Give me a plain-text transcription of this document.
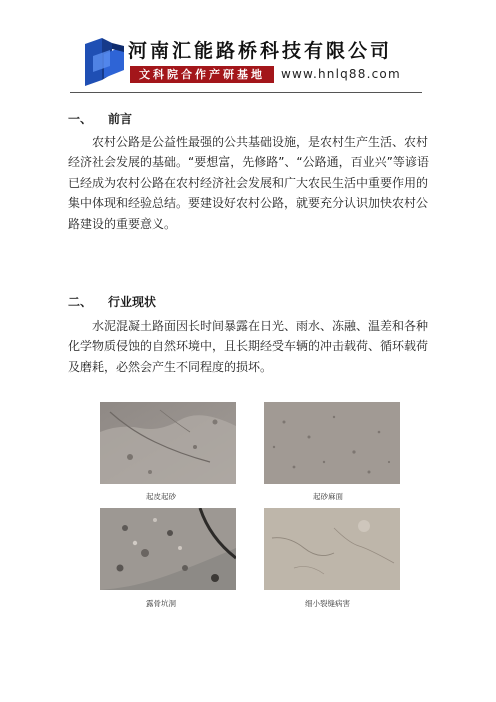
河南汇能路桥科技有限公司
文科院合作产研基地	www.hnlq88.com
一、 前言

农村公路是公益性最强的公共基础设施，是农村生产生活、农村经济社会发展的基础。“要想富，先修路”、“公路通，百业兴”等谚语已经成为农村公路在农村经济社会发展和广大农民生活中重要作用的集中体现和经验总结。要建设好农村公路，就要充分认识加快农村公路建设的重要意义。

二、 行业现状

水泥混凝土路面因长时间暴露在日光、雨水、冻融、温差和各种化学物质侵蚀的自然环境中，且长期经受车辆的冲击载荷、循环载荷及磨耗，必然会产生不同程度的损坏。

起皮起砂	起砂麻面
露骨坑洞	细小裂缝病害
